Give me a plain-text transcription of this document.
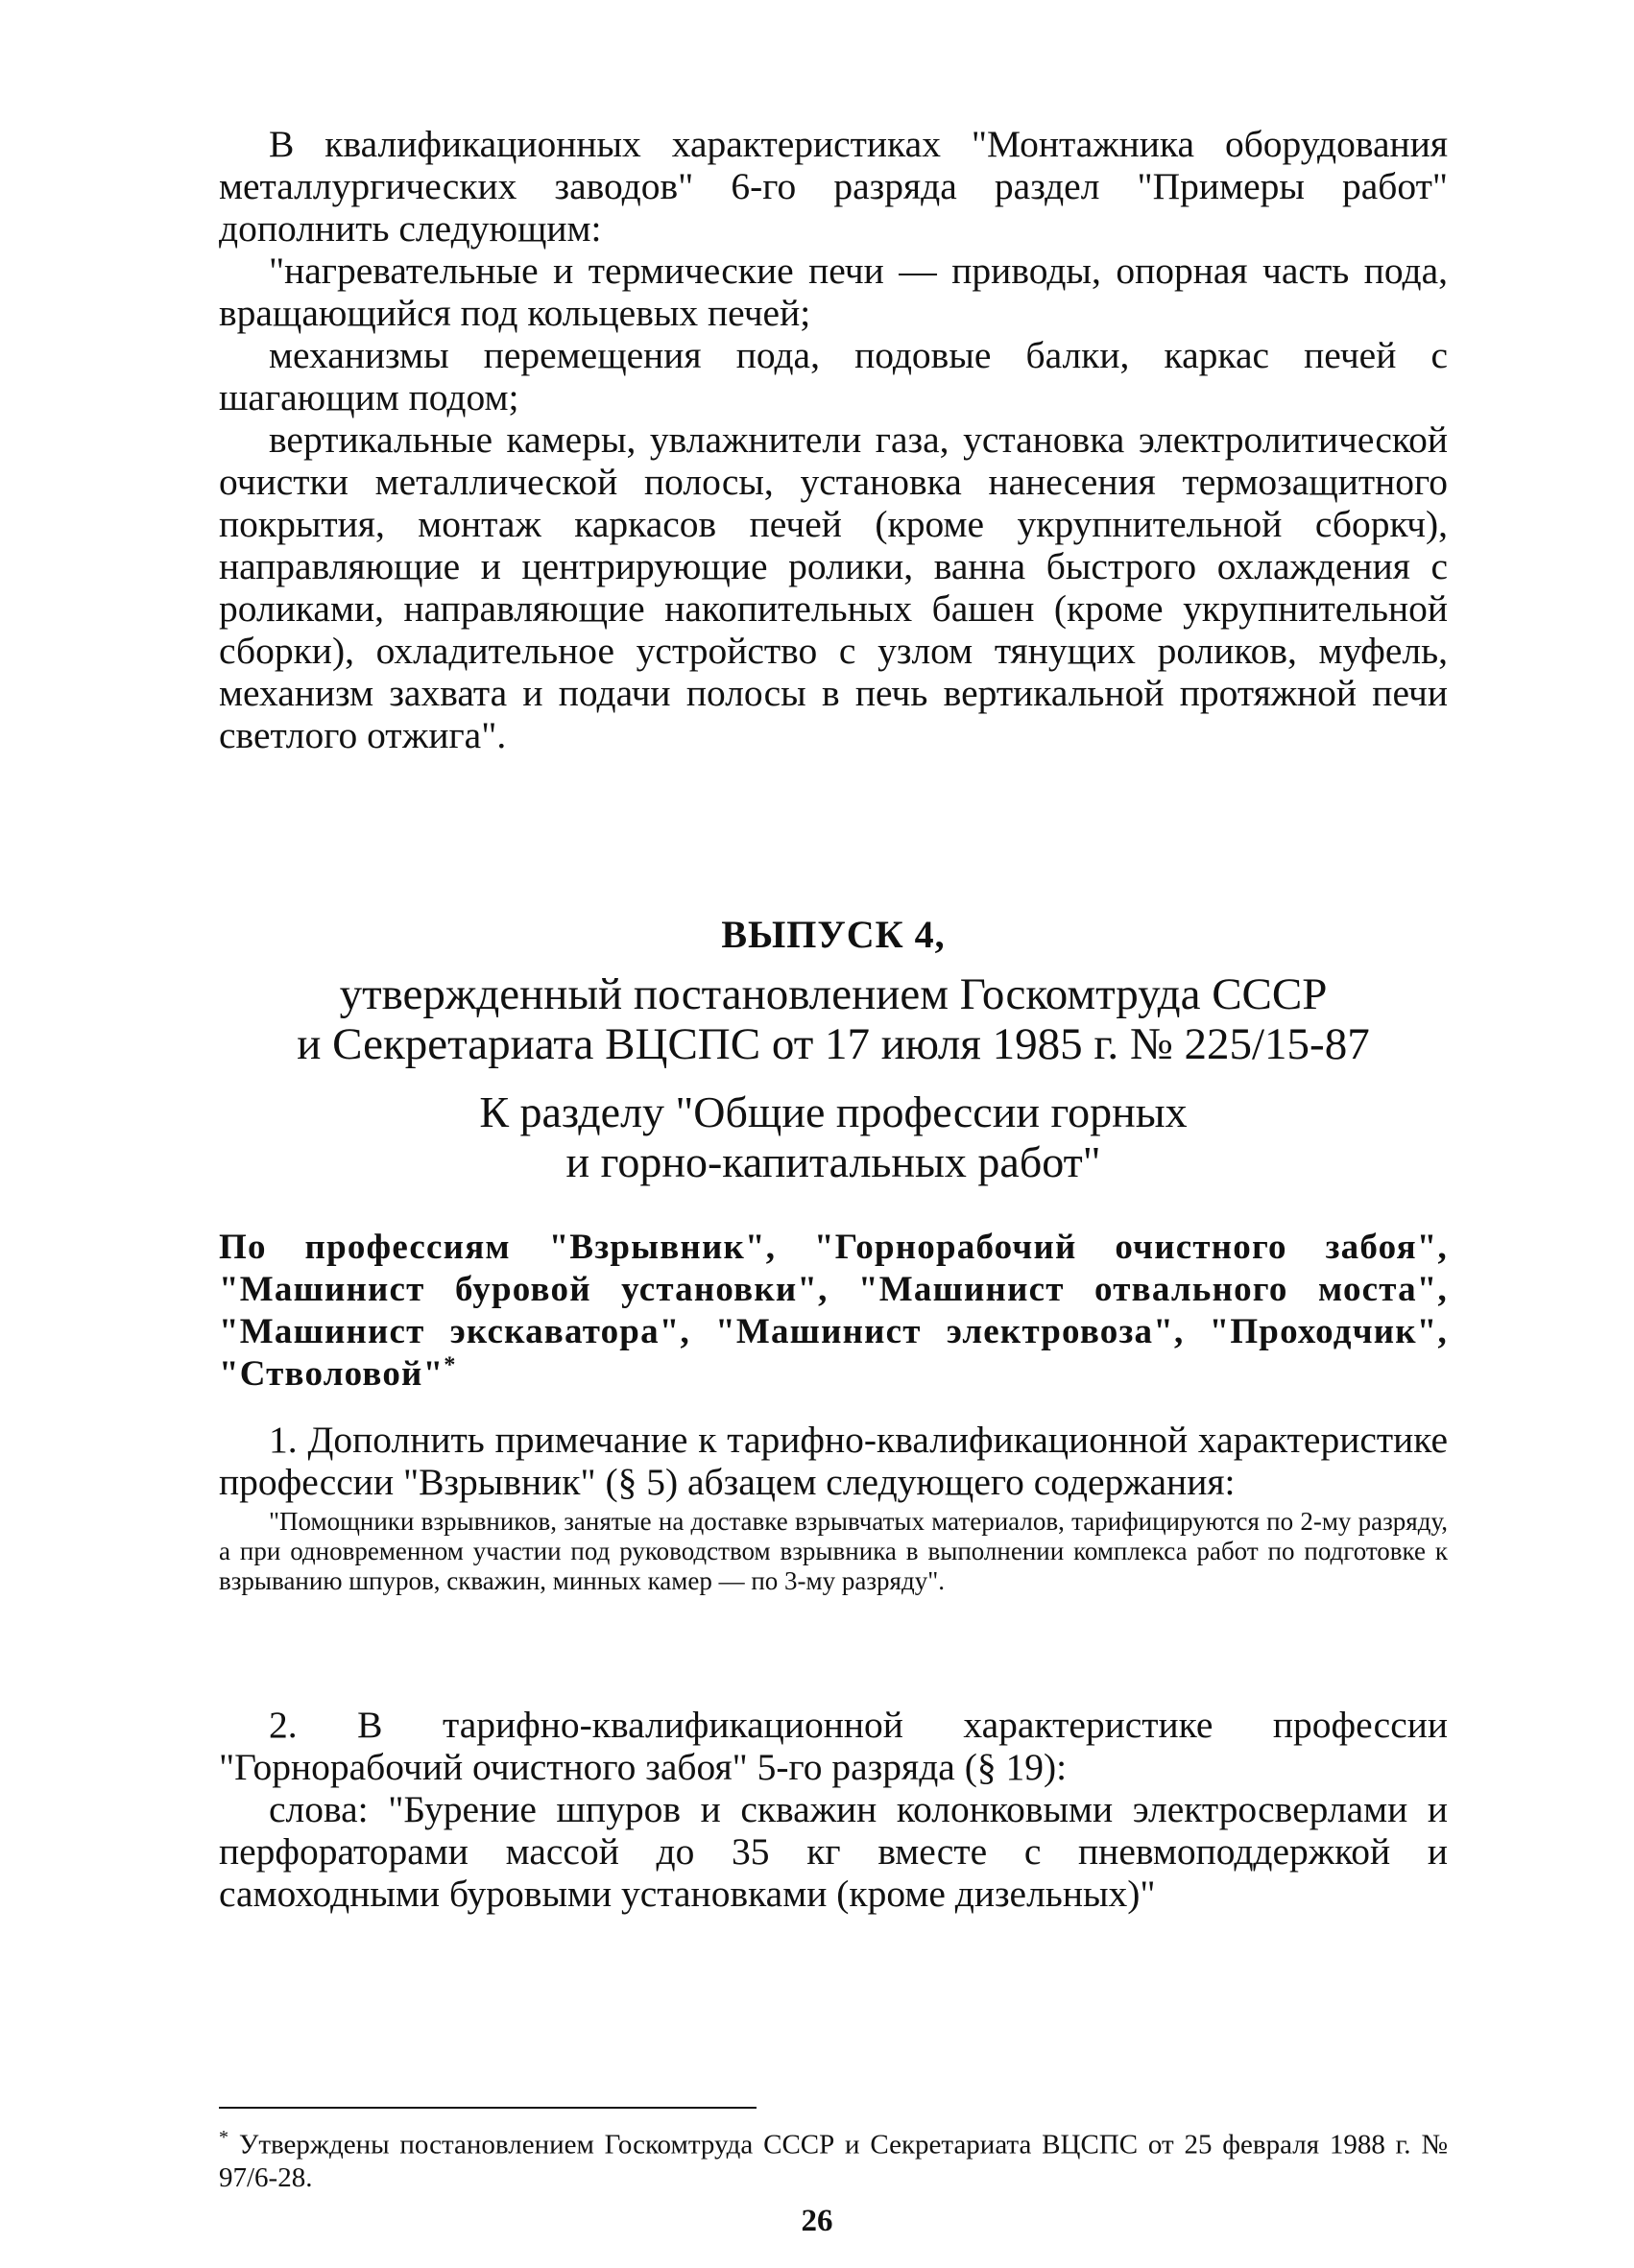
В квалификационных характеристиках "Монтажника оборудования металлургических заводов" 6-го разряда раздел "Примеры работ" дополнить следующим:

"нагревательные и термические печи — приводы, опорная часть пода, вращающийся под кольцевых печей;

механизмы перемещения пода, подовые балки, каркас печей с шагающим подом;

вертикальные камеры, увлажнители газа, установка электролитической очистки металлической полосы, установка нанесения термозащитного покрытия, монтаж каркасов печей (кроме укрупнительной сборкч), направляющие и центрирующие ролики, ванна быстрого охлаждения с роликами, направляющие накопительных башен (кроме укрупнительной сборки), охладительное устройство с узлом тянущих роликов, муфель, механизм захвата и подачи полосы в печь вертикальной протяжной печи светлого отжига".

ВЫПУСК 4,

утвержденный постановлением Госкомтруда СССР

и Секретариата ВЦСПС от 17 июля 1985 г. № 225/15-87

К разделу "Общие профессии горных

и горно-капитальных работ"

По профессиям "Взрывник", "Горнорабочий очистного забоя", "Машинист буровой установки", "Машинист отвального моста", "Машинист экскаватора", "Машинист электровоза", "Проходчик", "Стволовой"*

1. Дополнить примечание к тарифно-квалификационной характеристике профессии "Взрывник" (§ 5) абзацем следующего содержания:

"Помощники взрывников, занятые на доставке взрывчатых материалов, тарифицируются по 2-му разряду, а при одновременном участии под руководством взрывника в выполнении комплекса работ по подготовке к взрыванию шпуров, скважин, минных камер — по 3-му разряду".

2. В тарифно-квалификационной характеристике профессии "Горнорабочий очистного забоя" 5-го разряда (§ 19):

слова: "Бурение шпуров и скважин колонковыми электросверлами и перфораторами массой до 35 кг вместе с пневмоподдержкой и самоходными буровыми установками (кроме дизельных)"

* Утверждены постановлением Госкомтруда СССР и Секретариата ВЦСПС от 25 февраля 1988 г. № 97/6-28.

26
